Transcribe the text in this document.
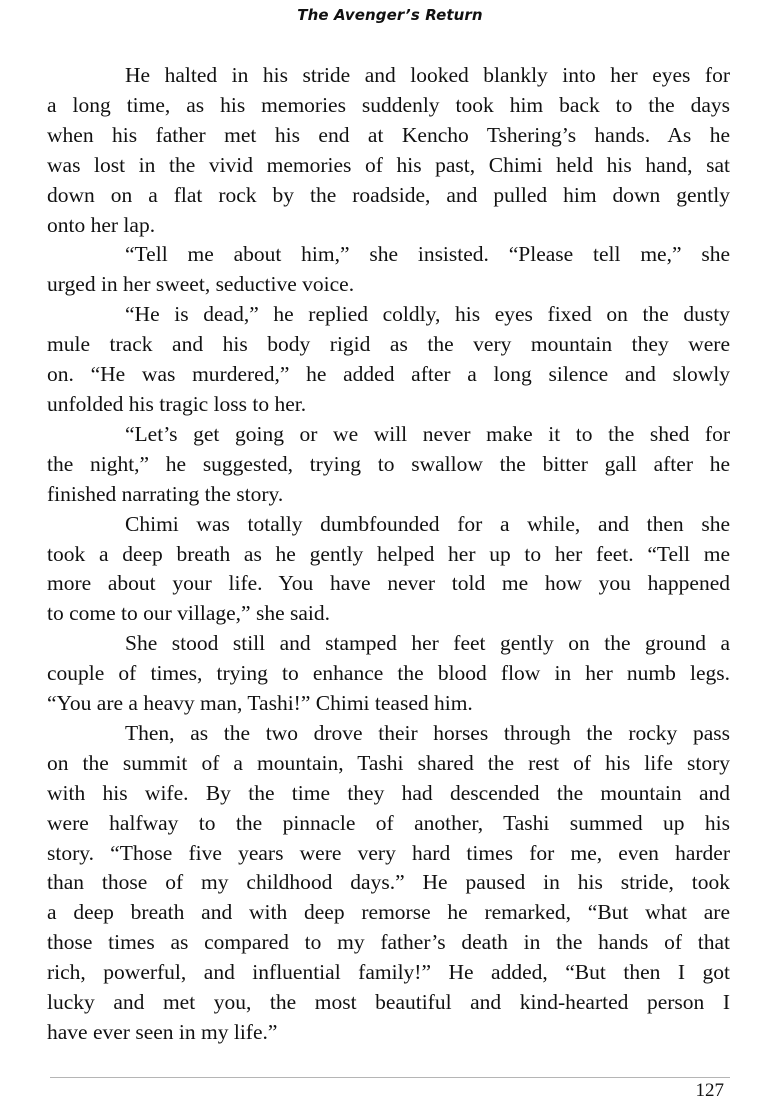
The Avenger’s Return
He halted in his stride and looked blankly into her eyes for
a long time, as his memories suddenly took him back to the days
when his father met his end at Kencho Tshering’s hands. As he
was lost in the vivid memories of his past, Chimi held his hand, sat
down on a flat rock by the roadside, and pulled him down gently
onto her lap.
“Tell me about him,” she insisted. “Please tell me,” she
urged in her sweet, seductive voice.
“He is dead,” he replied coldly, his eyes fixed on the dusty
mule track and his body rigid as the very mountain they were
on. “He was murdered,” he added after a long silence and slowly
unfolded his tragic loss to her.
“Let’s get going or we will never make it to the shed for
the night,” he suggested, trying to swallow the bitter gall after he
finished narrating the story.
Chimi was totally dumbfounded for a while, and then she
took a deep breath as he gently helped her up to her feet. “Tell me
more about your life. You have never told me how you happened
to come to our village,” she said.
She stood still and stamped her feet gently on the ground a
couple of times, trying to enhance the blood flow in her numb legs.
“You are a heavy man, Tashi!” Chimi teased him.
Then, as the two drove their horses through the rocky pass
on the summit of a mountain, Tashi shared the rest of his life story
with his wife. By the time they had descended the mountain and
were halfway to the pinnacle of another, Tashi summed up his
story. “Those five years were very hard times for me, even harder
than those of my childhood days.” He paused in his stride, took
a deep breath and with deep remorse he remarked, “But what are
those times as compared to my father’s death in the hands of that
rich, powerful, and influential family!” He added, “But then I got
lucky and met you, the most beautiful and kind-hearted person I
have ever seen in my life.”
127
